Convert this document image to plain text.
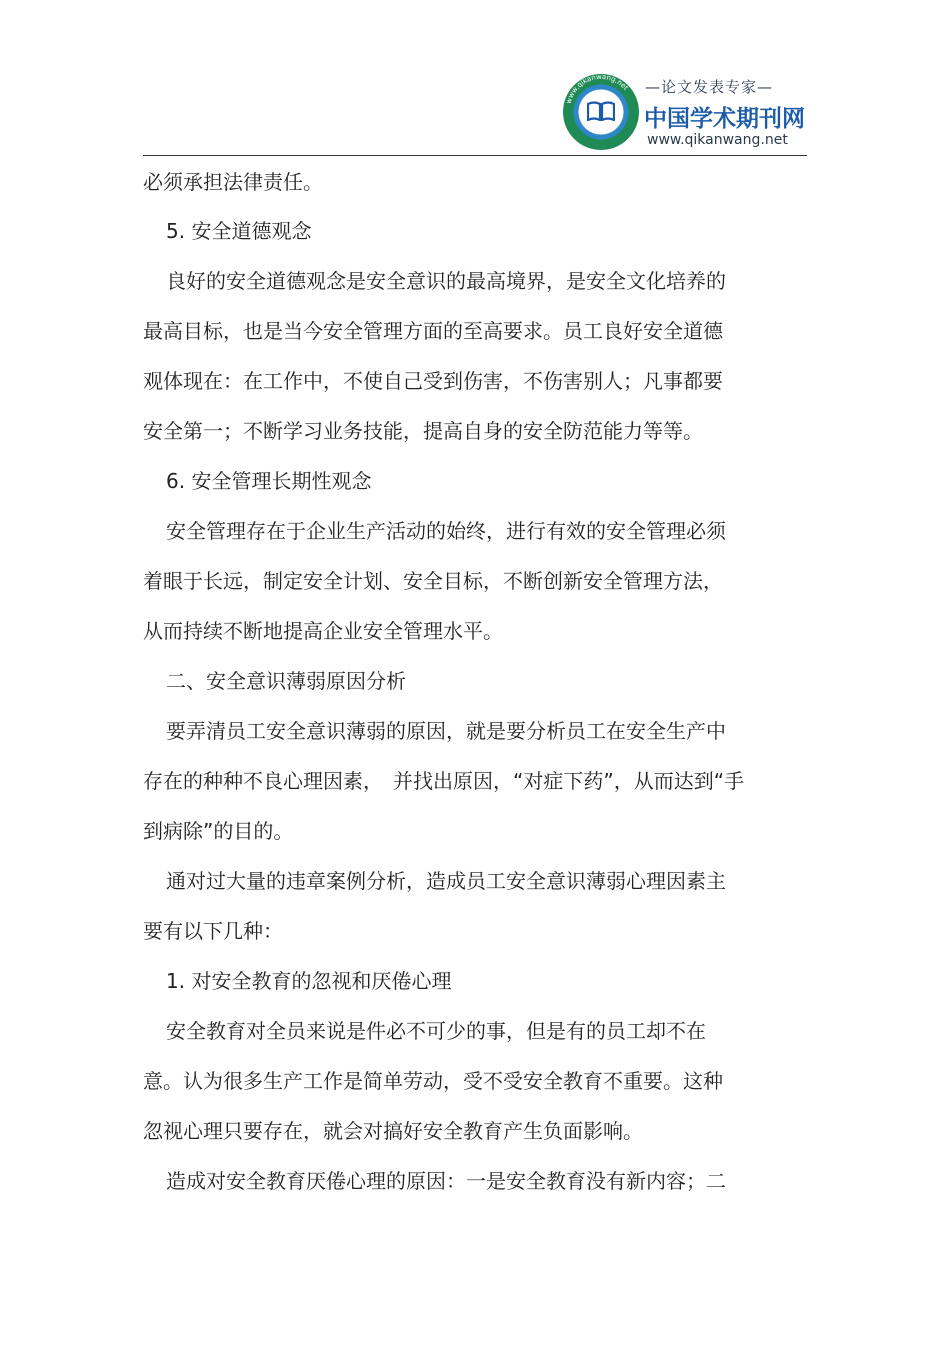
www.qikanwang.net —论文发表专家—
中国学术期刊网
www.qikanwang.net
必须承担法律责任。
5. 安全道德观念
良好的安全道德观念是安全意识的最高境界，是安全文化培养的
最高目标，也是当今安全管理方面的至高要求。员工良好安全道德
观体现在：在工作中，不使自己受到伤害，不伤害别人；凡事都要
安全第一；不断学习业务技能，提高自身的安全防范能力等等。
6. 安全管理长期性观念
安全管理存在于企业生产活动的始终，进行有效的安全管理必须
着眼于长远，制定安全计划、安全目标，不断创新安全管理方法，
从而持续不断地提高企业安全管理水平。
二、安全意识薄弱原因分析
要弄清员工安全意识薄弱的原因，就是要分析员工在安全生产中
存在的种种不良心理因素，　并找出原因，“对症下药”，从而达到“手
到病除”的目的。
通对过大量的违章案例分析，造成员工安全意识薄弱心理因素主
要有以下几种：
1. 对安全教育的忽视和厌倦心理
安全教育对全员来说是件必不可少的事，但是有的员工却不在
意。认为很多生产工作是简单劳动，受不受安全教育不重要。这种
忽视心理只要存在，就会对搞好安全教育产生负面影响。
造成对安全教育厌倦心理的原因：一是安全教育没有新内容；二
